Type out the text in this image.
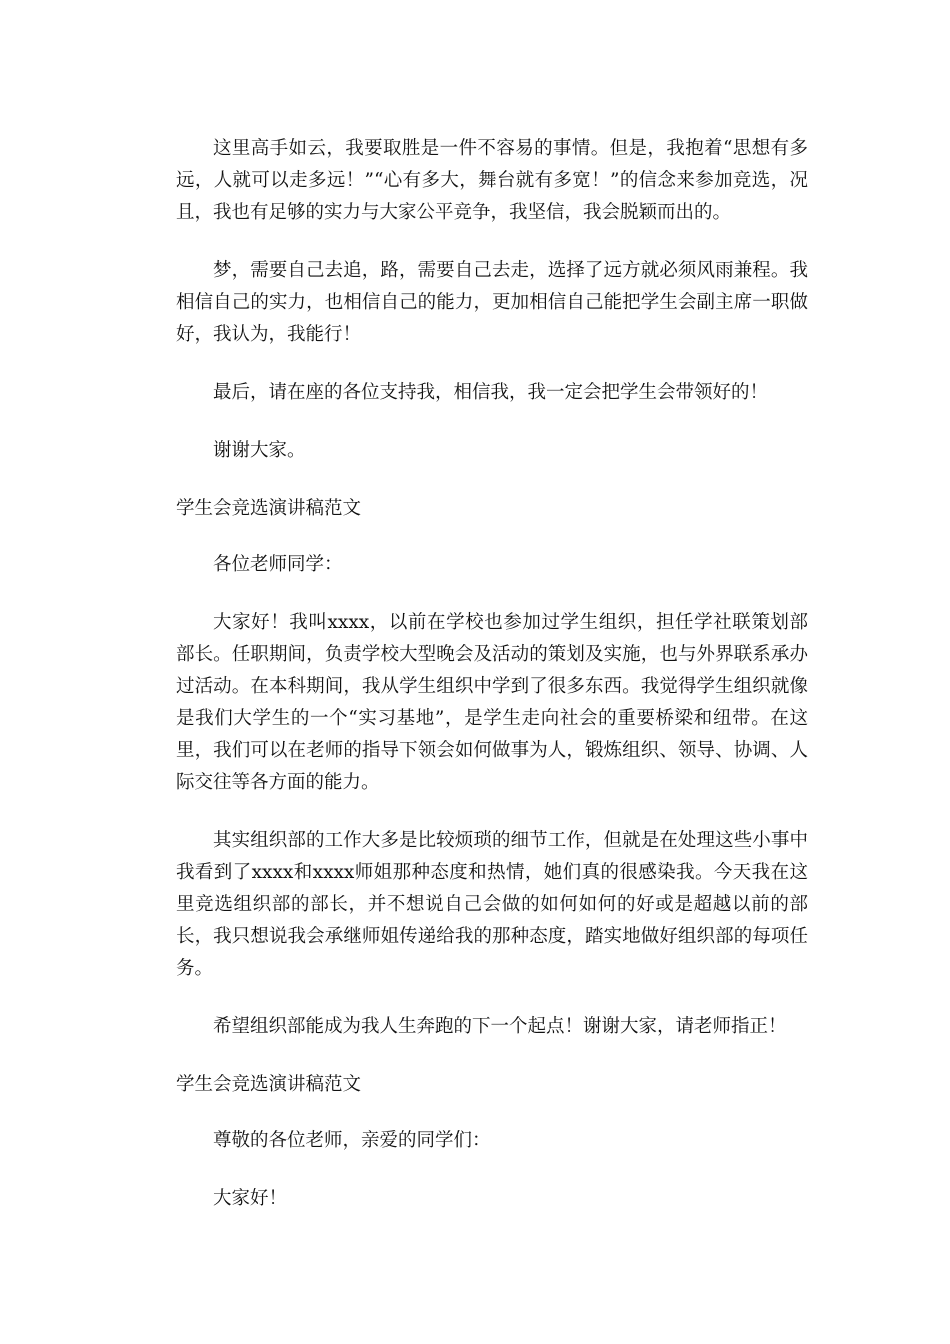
这里高手如云，我要取胜是一件不容易的事情。但是，我抱着“思想有多远，人就可以走多远！”“心有多大，舞台就有多宽！”的信念来参加竞选，况且，我也有足够的实力与大家公平竞争，我坚信，我会脱颖而出的。

梦，需要自己去追，路，需要自己去走，选择了远方就必须风雨兼程。我相信自己的实力，也相信自己的能力，更加相信自己能把学生会副主席一职做好，我认为，我能行！

最后，请在座的各位支持我，相信我，我一定会把学生会带领好的！

谢谢大家。

学生会竞选演讲稿范文

各位老师同学：

大家好！我叫xxxx，以前在学校也参加过学生组织，担任学社联策划部部长。任职期间，负责学校大型晚会及活动的策划及实施，也与外界联系承办过活动。在本科期间，我从学生组织中学到了很多东西。我觉得学生组织就像是我们大学生的一个“实习基地”，是学生走向社会的重要桥梁和纽带。在这里，我们可以在老师的指导下领会如何做事为人，锻炼组织、领导、协调、人际交往等各方面的能力。

其实组织部的工作大多是比较烦琐的细节工作，但就是在处理这些小事中我看到了xxxx和xxxx师姐那种态度和热情，她们真的很感染我。今天我在这里竞选组织部的部长，并不想说自己会做的如何如何的好或是超越以前的部长，我只想说我会承继师姐传递给我的那种态度，踏实地做好组织部的每项任务。

希望组织部能成为我人生奔跑的下一个起点！谢谢大家，请老师指正！

学生会竞选演讲稿范文

尊敬的各位老师，亲爱的同学们：

大家好！
